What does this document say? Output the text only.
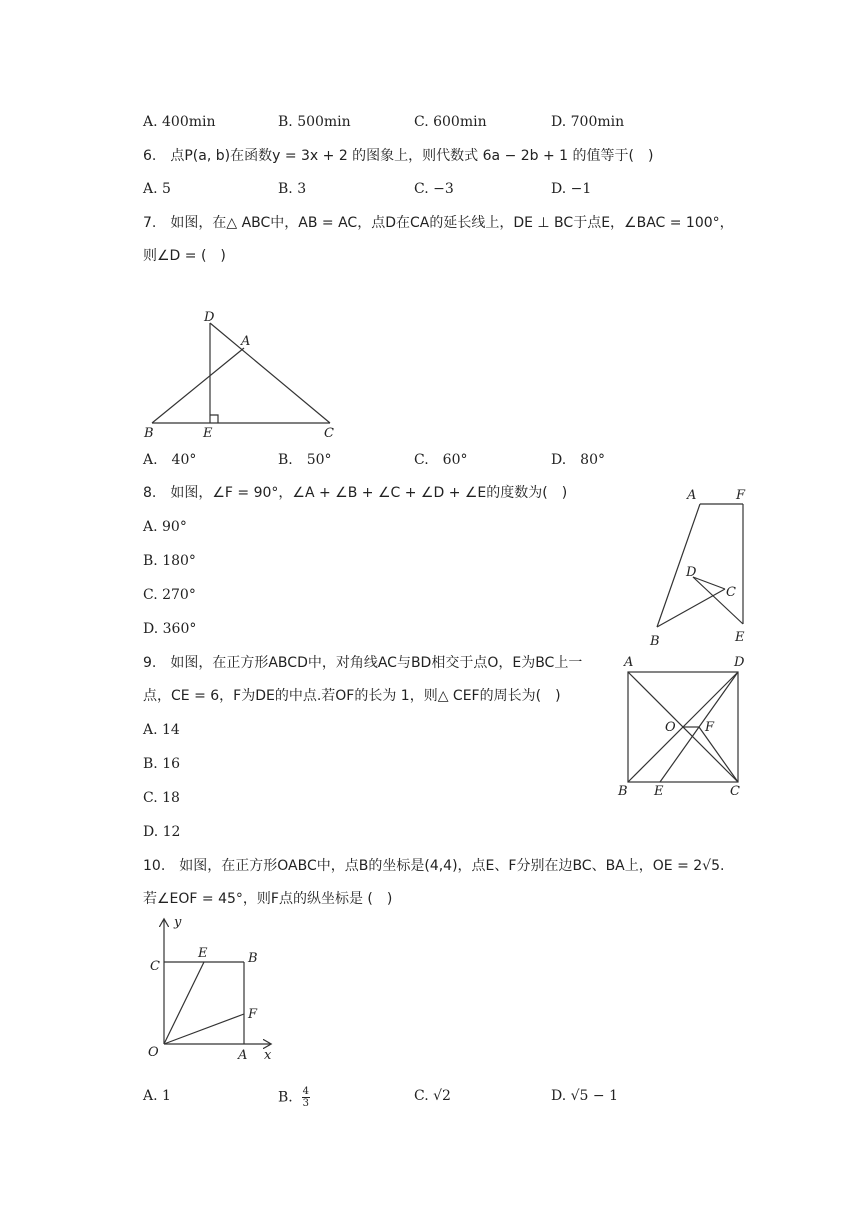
A. 400min	B. 500min	C. 600min	D. 700min
6. 点P(a, b)在函数y = 3x + 2 的图象上，则代数式 6a − 2b + 1 的值等于( )
A. 5	B. 3	C. −3	D. −1
7. 如图，在△ ABC中，AB = AC，点D在CA的延长线上，DE ⊥ BC于点E，∠BAC = 100°，
则∠D = ( )
D
A
B	E	C
A. 40°	B. 50°	C. 60°	D. 80°
8. 如图，∠F = 90°，∠A + ∠B + ∠C + ∠D + ∠E的度数为( )
A. 90°
B. 180°
C. 270°
D. 360°
A	F
D
C
B	E
9. 如图，在正方形ABCD中，对角线AC与BD相交于点O，E为BC上一
点，CE = 6，F为DE的中点.若OF的长为 1，则△ CEF的周长为( )
A. 14
B. 16
C. 18
D. 12
A	D
O F
B E	C
10. 如图，在正方形OABC中，点B的坐标是(4,4)，点E、F分别在边BC、BA上，OE = 2√5.
若∠EOF = 45°，则F点的纵坐标是 ( )
y
x
C
E	B
F
O	A
A. 1	B. $\frac{4}{3}$	C. √2	D. √5 − 1
